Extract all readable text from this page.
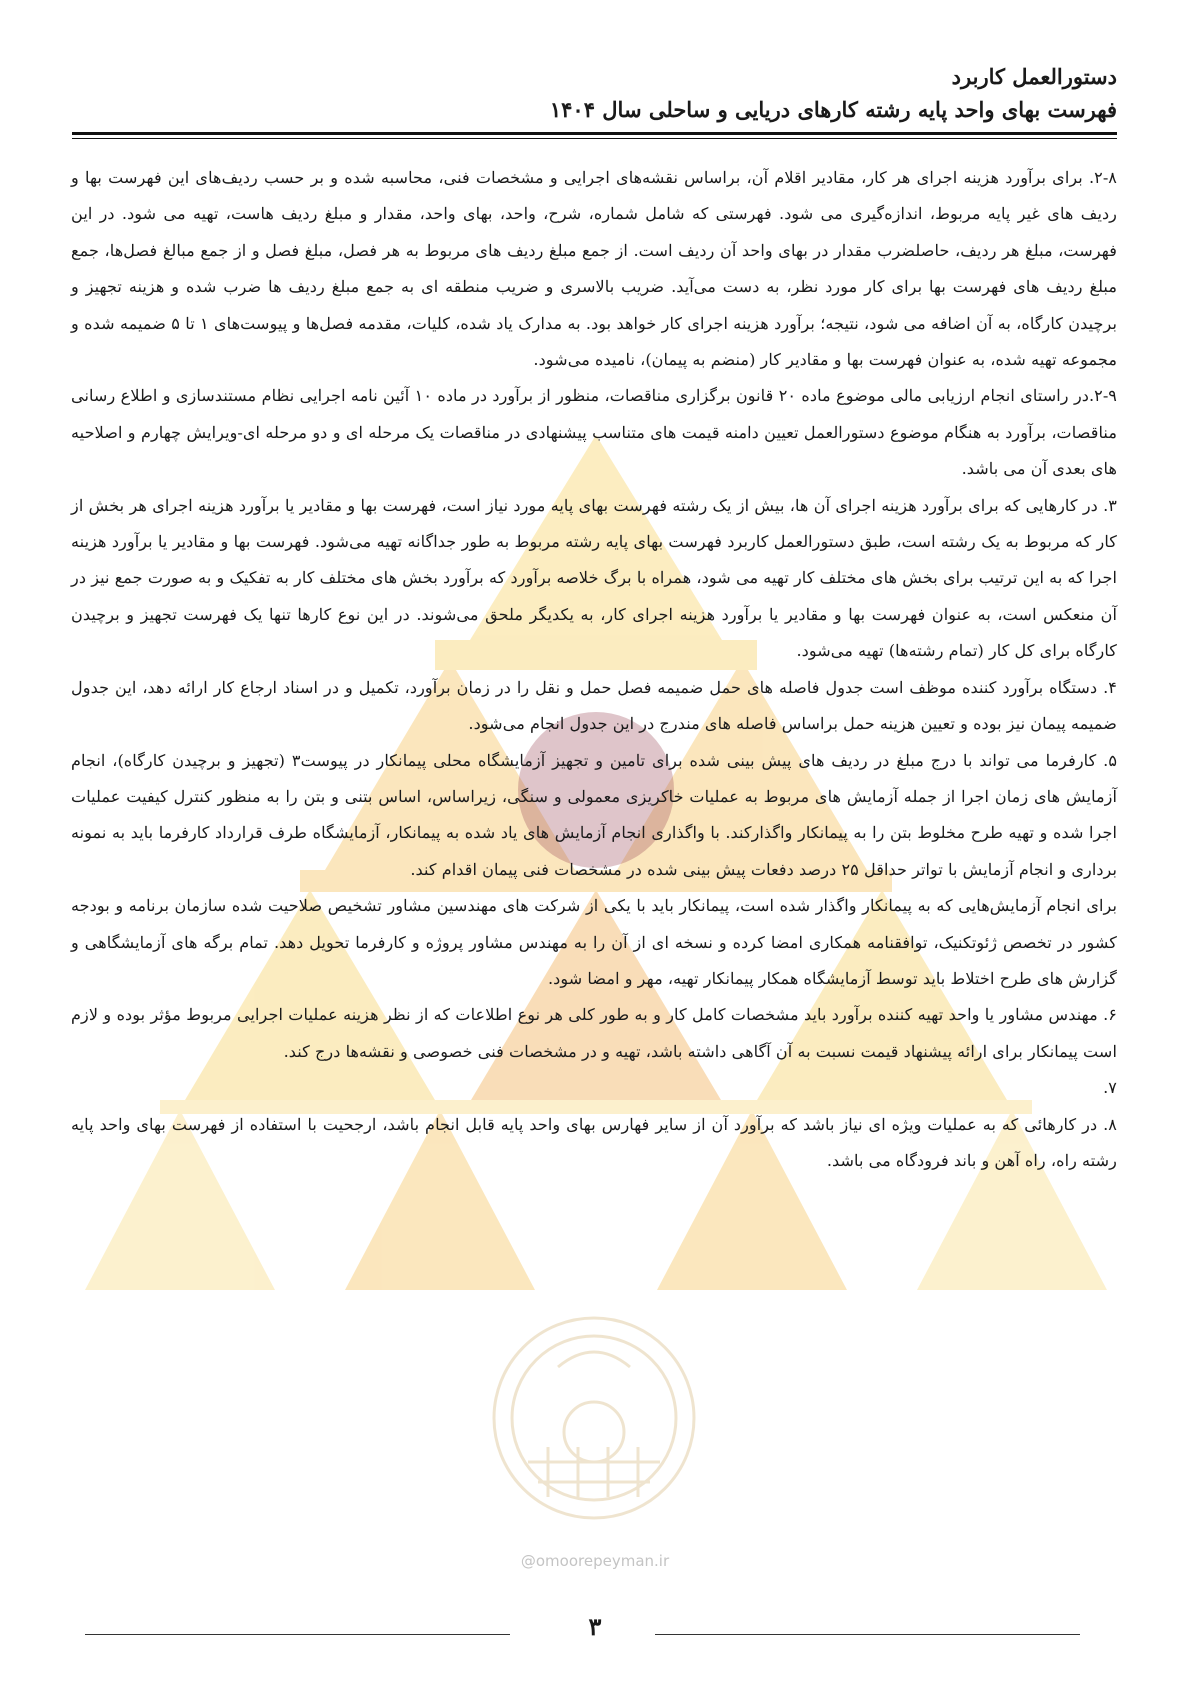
@omoorepeyman.ir
دستورالعمل کاربرد
فهرست بهای واحد پایه رشته کارهای دریایی و ساحلی سال ۱۴۰۴

۲-۸. برای برآورد هزینه اجرای هر کار، مقادیر اقلام آن، براساس نقشه‌های اجرایی و مشخصات فنی، محاسبه شده و بر حسب ردیف‌های این فهرست بها و ردیف های غیر پایه مربوط، اندازه‌گیری می شود. فهرستی که شامل شماره، شرح، واحد، بهای واحد، مقدار و مبلغ ردیف هاست، تهیه می شود. در این فهرست، مبلغ هر ردیف، حاصلضرب مقدار در بهای واحد آن ردیف است. از جمع مبلغ ردیف های مربوط به هر فصل، مبلغ فصل و از جمع مبالغ فصل‌ها، جمع مبلغ ردیف های فهرست بها برای کار مورد نظر، به دست می‌آید. ضریب بالاسری و ضریب منطقه ای به جمع مبلغ ردیف ها ضرب شده و هزینه تجهیز و برچیدن کارگاه، به آن اضافه می شود، نتیجه؛ برآورد هزینه اجرای کار خواهد بود. به مدارک یاد شده، کلیات، مقدمه فصل‌ها و پیوست‌های ۱ تا ۵ ضمیمه شده و مجموعه تهیه شده، به عنوان فهرست بها و مقادیر کار (منضم به پیمان)، نامیده می‌شود.

۲-۹.در راستای انجام ارزیابی مالی موضوع ماده ۲۰ قانون برگزاری مناقصات، منظور از برآورد در ماده ۱۰ آئین نامه اجرایی نظام مستندسازی و اطلاع رسانی مناقصات، برآورد به هنگام موضوع دستورالعمل تعیین دامنه قیمت های متناسب پیشنهادی در مناقصات یک مرحله ای و دو مرحله ای-ویرایش چهارم و اصلاحیه های بعدی آن می باشد.

۳. در کارهایی که برای برآورد هزینه اجرای آن ها، بیش از یک رشته فهرست بهای پایه مورد نیاز است، فهرست بها و مقادیر یا برآورد هزینه اجرای هر بخش از کار که مربوط به یک رشته است، طبق دستورالعمل کاربرد فهرست بهای پایه رشته مربوط به طور جداگانه تهیه می‌شود. فهرست بها و مقادیر یا برآورد هزینه اجرا که به این ترتیب برای بخش های مختلف کار تهیه می شود، همراه با برگ خلاصه برآورد که برآورد بخش های مختلف کار به تفکیک و به صورت جمع نیز در آن منعکس است، به عنوان فهرست بها و مقادیر یا برآورد هزینه اجرای کار، به یکدیگر ملحق می‌شوند. در این نوع کارها تنها یک فهرست تجهیز و برچیدن کارگاه برای کل کار (تمام رشته‌ها) تهیه می‌شود.

۴. دستگاه برآورد کننده موظف است جدول فاصله های حمل ضمیمه فصل حمل و نقل را در زمان برآورد، تکمیل و در اسناد ارجاع کار ارائه دهد، این جدول ضمیمه پیمان نیز بوده و تعیین هزینه حمل براساس فاصله های مندرج در این جدول انجام می‌شود.

۵. کارفرما می تواند با درج مبلغ در ردیف های پیش بینی شده برای تامین و تجهیز آزمایشگاه محلی پیمانکار در پیوست۳ (تجهیز و برچیدن کارگاه)، انجام آزمایش های زمان اجرا از جمله آزمایش های مربوط به عملیات خاکریزی معمولی و سنگی، زیراساس، اساس بتنی و بتن را به منظور کنترل کیفیت عملیات اجرا شده و تهیه طرح مخلوط بتن را به پیمانکار واگذارکند. با واگذاری انجام آزمایش های یاد شده به پیمانکار، آزمایشگاه طرف قرارداد کارفرما باید به نمونه برداری و انجام آزمایش با تواتر حداقل ۲۵ درصد دفعات پیش بینی شده در مشخصات فنی پیمان اقدام کند.

برای انجام آزمایش‌هایی که به پیمانکار واگذار شده است، پیمانکار باید با یکی از شرکت های مهندسین مشاور تشخیص صلاحیت شده سازمان برنامه و بودجه کشور در تخصص ژئوتکنیک، توافقنامه همکاری امضا کرده و نسخه ای از آن را به مهندس مشاور پروژه و کارفرما تحویل دهد. تمام برگه های آزمایشگاهی و گزارش های طرح اختلاط باید توسط آزمایشگاه همکار پیمانکار تهیه، مهر و امضا شود.

۶. مهندس مشاور یا واحد تهیه کننده برآورد باید مشخصات کامل کار و به طور کلی هر نوع اطلاعات که از نظر هزینه عملیات اجرایی مربوط مؤثر بوده و لازم است پیمانکار برای ارائه پیشنهاد قیمت نسبت به آن آگاهی داشته باشد، تهیه و در مشخصات فنی خصوصی و نقشه‌ها درج کند.

۷.

۸. در کارهائی که به عملیات ویژه ای نیاز باشد که برآورد آن از سایر فهارس بهای واحد پایه قابل انجام باشد، ارجحیت با استفاده از فهرست بهای واحد پایه رشته راه، راه آهن و باند فرودگاه می باشد.

۳
